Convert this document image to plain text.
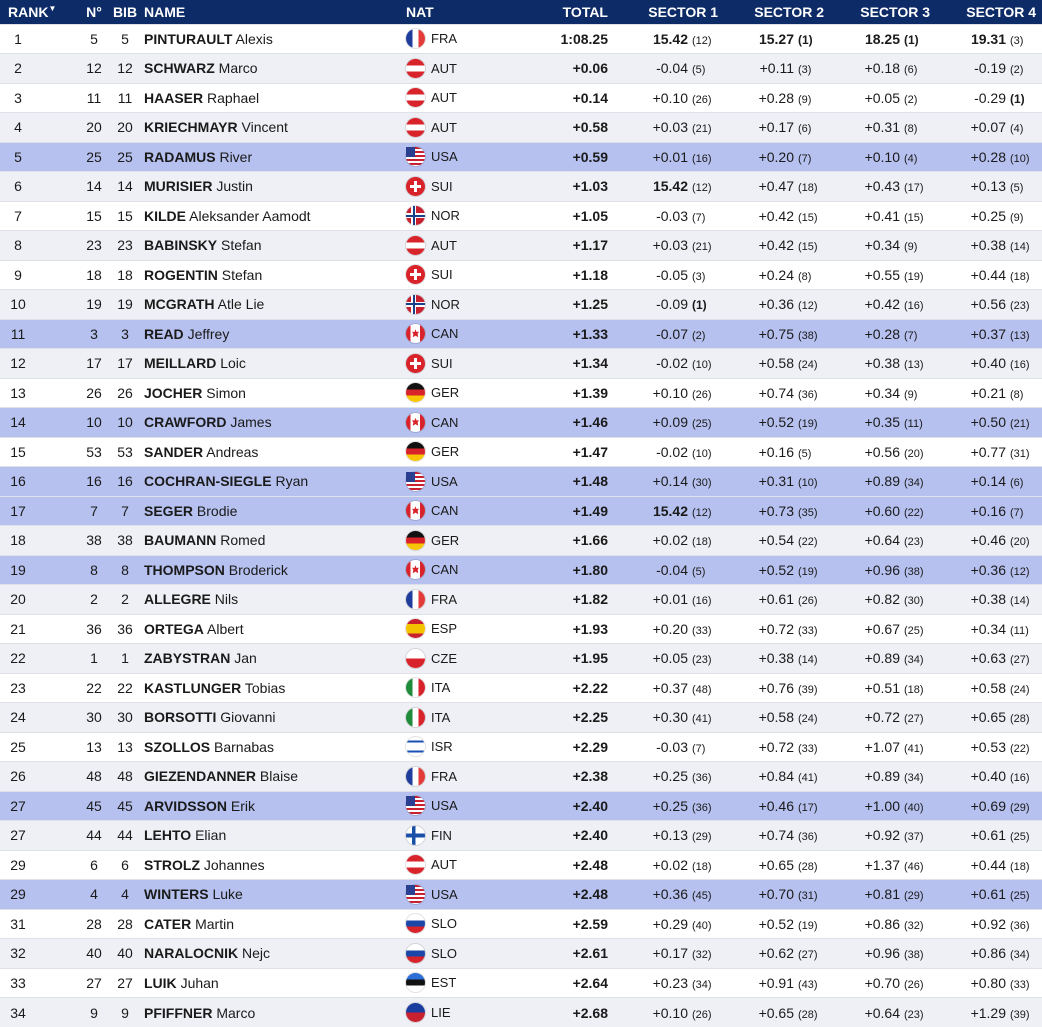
RANK▼	N°	BIB	NAME	NAT	TOTAL	SECTOR 1	SECTOR 2	SECTOR 3	SECTOR 4
1	5	5	PINTURAULT Alexis	FRA	1:08.25	15.42 (12)	15.27 (1)	18.25 (1)	19.31 (3)

2	12	12	SCHWARZ Marco	AUT	+0.06	-0.04 (5)	+0.11 (3)	+0.18 (6)	-0.19 (2)

3	11	11	HAASER Raphael	AUT	+0.14	+0.10 (26)	+0.28 (9)	+0.05 (2)	-0.29 (1)

4	20	20	KRIECHMAYR Vincent	AUT	+0.58	+0.03 (21)	+0.17 (6)	+0.31 (8)	+0.07 (4)

5	25	25	RADAMUS River	USA	+0.59	+0.01 (16)	+0.20 (7)	+0.10 (4)	+0.28 (10)

6	14	14	MURISIER Justin	SUI	+1.03	15.42 (12)	+0.47 (18)	+0.43 (17)	+0.13 (5)

7	15	15	KILDE Aleksander Aamodt	NOR	+1.05	-0.03 (7)	+0.42 (15)	+0.41 (15)	+0.25 (9)

8	23	23	BABINSKY Stefan	AUT	+1.17	+0.03 (21)	+0.42 (15)	+0.34 (9)	+0.38 (14)

9	18	18	ROGENTIN Stefan	SUI	+1.18	-0.05 (3)	+0.24 (8)	+0.55 (19)	+0.44 (18)

10	19	19	MCGRATH Atle Lie	NOR	+1.25	-0.09 (1)	+0.36 (12)	+0.42 (16)	+0.56 (23)

11	3	3	READ Jeffrey	CAN	+1.33	-0.07 (2)	+0.75 (38)	+0.28 (7)	+0.37 (13)

12	17	17	MEILLARD Loic	SUI	+1.34	-0.02 (10)	+0.58 (24)	+0.38 (13)	+0.40 (16)

13	26	26	JOCHER Simon	GER	+1.39	+0.10 (26)	+0.74 (36)	+0.34 (9)	+0.21 (8)

14	10	10	CRAWFORD James	CAN	+1.46	+0.09 (25)	+0.52 (19)	+0.35 (11)	+0.50 (21)

15	53	53	SANDER Andreas	GER	+1.47	-0.02 (10)	+0.16 (5)	+0.56 (20)	+0.77 (31)

16	16	16	COCHRAN-SIEGLE Ryan	USA	+1.48	+0.14 (30)	+0.31 (10)	+0.89 (34)	+0.14 (6)

17	7	7	SEGER Brodie	CAN	+1.49	15.42 (12)	+0.73 (35)	+0.60 (22)	+0.16 (7)

18	38	38	BAUMANN Romed	GER	+1.66	+0.02 (18)	+0.54 (22)	+0.64 (23)	+0.46 (20)

19	8	8	THOMPSON Broderick	CAN	+1.80	-0.04 (5)	+0.52 (19)	+0.96 (38)	+0.36 (12)

20	2	2	ALLEGRE Nils	FRA	+1.82	+0.01 (16)	+0.61 (26)	+0.82 (30)	+0.38 (14)

21	36	36	ORTEGA Albert	ESP	+1.93	+0.20 (33)	+0.72 (33)	+0.67 (25)	+0.34 (11)

22	1	1	ZABYSTRAN Jan	CZE	+1.95	+0.05 (23)	+0.38 (14)	+0.89 (34)	+0.63 (27)

23	22	22	KASTLUNGER Tobias	ITA	+2.22	+0.37 (48)	+0.76 (39)	+0.51 (18)	+0.58 (24)

24	30	30	BORSOTTI Giovanni	ITA	+2.25	+0.30 (41)	+0.58 (24)	+0.72 (27)	+0.65 (28)

25	13	13	SZOLLOS Barnabas	ISR	+2.29	-0.03 (7)	+0.72 (33)	+1.07 (41)	+0.53 (22)

26	48	48	GIEZENDANNER Blaise	FRA	+2.38	+0.25 (36)	+0.84 (41)	+0.89 (34)	+0.40 (16)

27	45	45	ARVIDSSON Erik	USA	+2.40	+0.25 (36)	+0.46 (17)	+1.00 (40)	+0.69 (29)

27	44	44	LEHTO Elian	FIN	+2.40	+0.13 (29)	+0.74 (36)	+0.92 (37)	+0.61 (25)

29	6	6	STROLZ Johannes	AUT	+2.48	+0.02 (18)	+0.65 (28)	+1.37 (46)	+0.44 (18)

29	4	4	WINTERS Luke	USA	+2.48	+0.36 (45)	+0.70 (31)	+0.81 (29)	+0.61 (25)

31	28	28	CATER Martin	SLO	+2.59	+0.29 (40)	+0.52 (19)	+0.86 (32)	+0.92 (36)

32	40	40	NARALOCNIK Nejc	SLO	+2.61	+0.17 (32)	+0.62 (27)	+0.96 (38)	+0.86 (34)

33	27	27	LUIK Juhan	EST	+2.64	+0.23 (34)	+0.91 (43)	+0.70 (26)	+0.80 (33)

34	9	9	PFIFFNER Marco	LIE	+2.68	+0.10 (26)	+0.65 (28)	+0.64 (23)	+1.29 (39)
